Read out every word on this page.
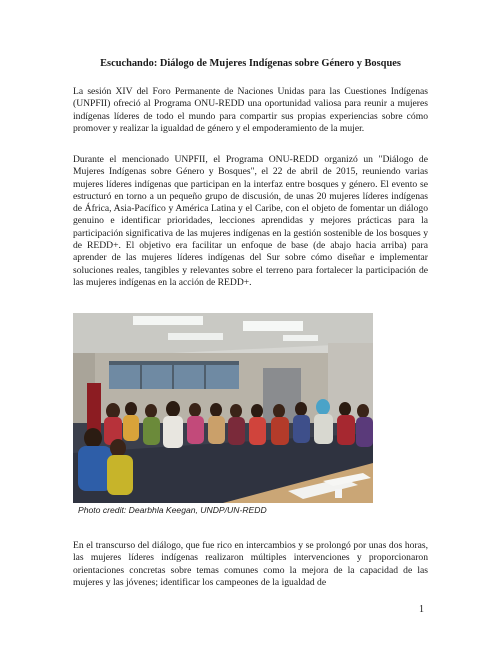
Escuchando: Diálogo de Mujeres Indígenas sobre Género y Bosques

La sesión XIV del Foro Permanente de Naciones Unidas para las Cuestiones Indígenas (UNPFII) ofreció al Programa ONU-REDD una oportunidad valiosa para reunir a mujeres indígenas líderes de todo el mundo para compartir sus propias experiencias sobre cómo promover y realizar la igualdad de género y el empoderamiento de la mujer.

Durante el mencionado UNPFII, el Programa ONU-REDD organizó un "Diálogo de Mujeres Indígenas sobre Género y Bosques", el 22 de abril de 2015, reuniendo varias mujeres líderes indígenas que participan en la interfaz entre bosques y género. El evento se estructuró en torno a un pequeño grupo de discusión, de unas 20 mujeres líderes indígenas de África, Asia-Pacífico y América Latina y el Caribe, con el objeto de fomentar un diálogo genuino e identificar prioridades, lecciones aprendidas y mejores prácticas para la participación significativa de las mujeres indígenas en la gestión sostenible de los bosques y de REDD+. El objetivo era facilitar un enfoque de base (de abajo hacia arriba) para aprender de las mujeres líderes indígenas del Sur sobre cómo diseñar e implementar soluciones reales, tangibles y relevantes sobre el terreno para fortalecer la participación de las mujeres indígenas en la acción de REDD+.

Photo credit: Dearbhla Keegan, UNDP/UN-REDD

En el transcurso del diálogo, que fue rico en intercambios y se prolongó por unas dos horas, las mujeres líderes indígenas realizaron múltiples intervenciones y proporcionaron orientaciones concretas sobre temas comunes como la mejora de la capacidad de las mujeres y las jóvenes; identificar los campeones de la igualdad de

1
